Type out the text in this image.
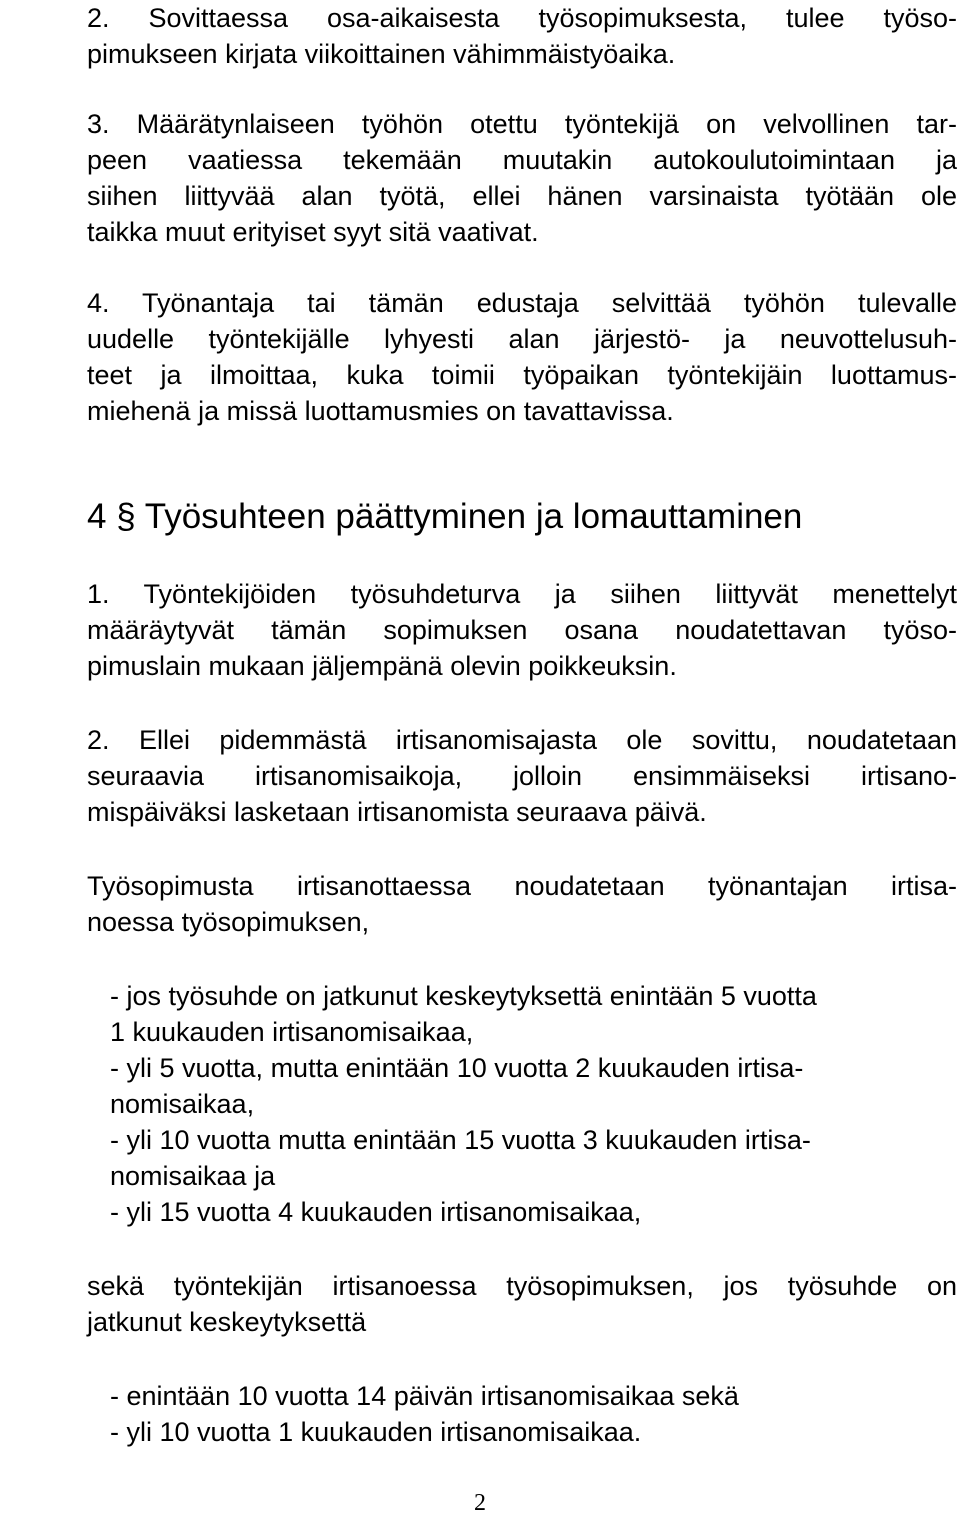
2. Sovittaessa osa-aikaisesta työsopimuksesta, tulee työso-

pimukseen kirjata viikoittainen vähimmäistyöaika.

3. Määrätynlaiseen työhön otettu työntekijä on velvollinen tar-

peen vaatiessa tekemään muutakin autokoulutoimintaan ja

siihen liittyvää alan työtä, ellei hänen varsinaista työtään ole

taikka muut erityiset syyt sitä vaativat.

4. Työnantaja tai tämän edustaja selvittää työhön tulevalle

uudelle työntekijälle lyhyesti alan järjestö- ja neuvottelusuh-

teet ja ilmoittaa, kuka toimii työpaikan työntekijäin luottamus-

miehenä ja missä luottamusmies on tavattavissa.

4 § Työsuhteen päättyminen ja lomauttaminen

1. Työntekijöiden työsuhdeturva ja siihen liittyvät menettelyt

määräytyvät tämän sopimuksen osana noudatettavan työso-

pimuslain mukaan jäljempänä olevin poikkeuksin.

2. Ellei pidemmästä irtisanomisajasta ole sovittu, noudatetaan

seuraavia irtisanomisaikoja, jolloin ensimmäiseksi irtisano-

mispäiväksi lasketaan irtisanomista seuraava päivä.

Työsopimusta irtisanottaessa noudatetaan työnantajan irtisa-

noessa työsopimuksen,

- jos työsuhde on jatkunut keskeytyksettä enintään 5 vuotta

1 kuukauden irtisanomisaikaa,

- yli 5 vuotta, mutta enintään 10 vuotta 2 kuukauden irtisa-

nomisaikaa,

- yli 10 vuotta mutta enintään 15 vuotta 3 kuukauden irtisa-

nomisaikaa ja

- yli 15 vuotta 4 kuukauden irtisanomisaikaa,

sekä työntekijän irtisanoessa työsopimuksen, jos työsuhde on

jatkunut keskeytyksettä

- enintään 10 vuotta 14 päivän irtisanomisaikaa sekä

- yli 10 vuotta 1 kuukauden irtisanomisaikaa.

2
